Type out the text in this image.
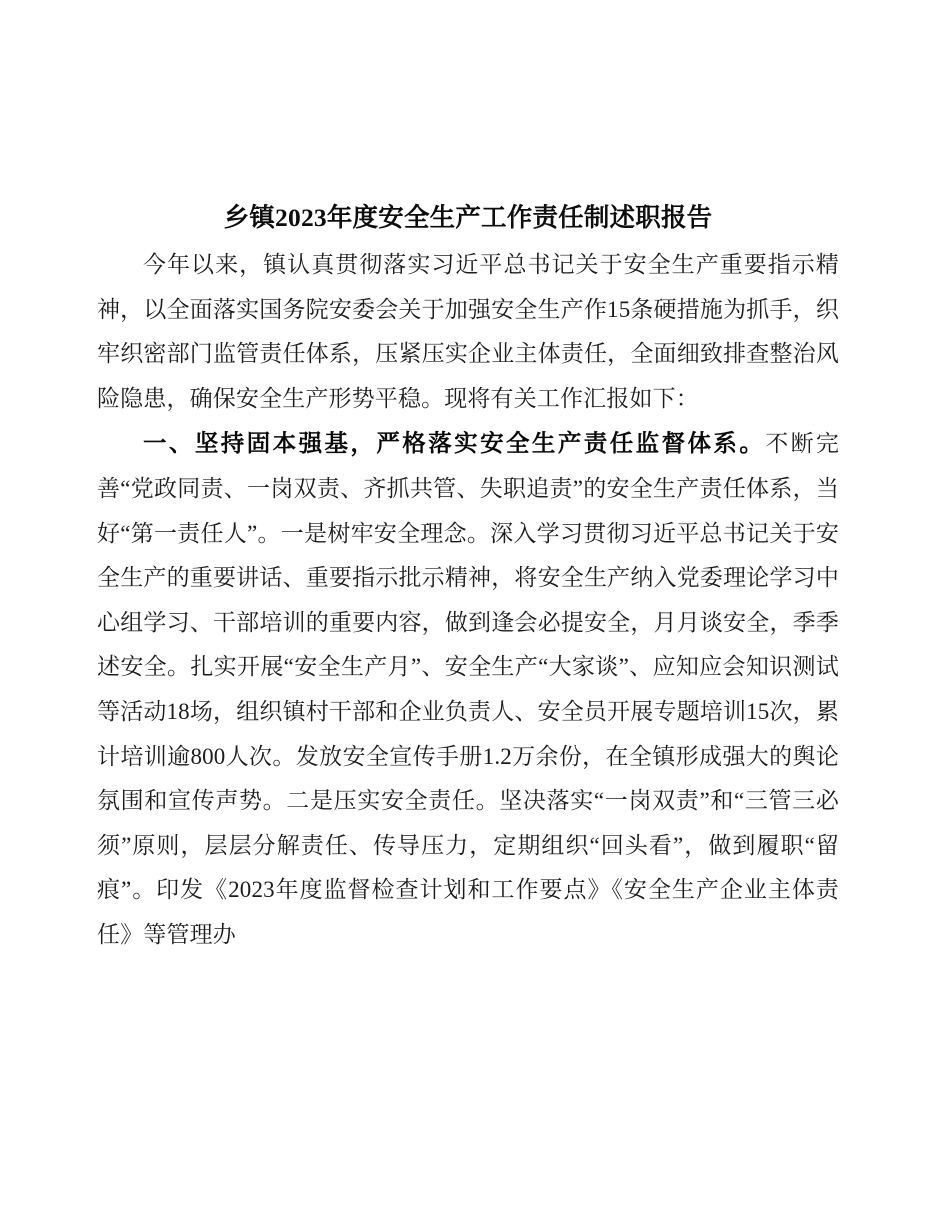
乡镇2023年度安全生产工作责任制述职报告

今年以来，镇认真贯彻落实习近平总书记关于安全生产重要指示精神，以全面落实国务院安委会关于加强安全生产作15条硬措施为抓手，织牢织密部门监管责任体系，压紧压实企业主体责任，全面细致排查整治风险隐患，确保安全生产形势平稳。现将有关工作汇报如下：

一、坚持固本强基，严格落实安全生产责任监督体系。不断完善“党政同责、一岗双责、齐抓共管、失职追责”的安全生产责任体系，当好“第一责任人”。一是树牢安全理念。深入学习贯彻习近平总书记关于安全生产的重要讲话、重要指示批示精神，将安全生产纳入党委理论学习中心组学习、干部培训的重要内容，做到逢会必提安全，月月谈安全，季季述安全。扎实开展“安全生产月”、安全生产“大家谈”、应知应会知识测试等活动18场，组织镇村干部和企业负责人、安全员开展专题培训15次，累计培训逾800人次。发放安全宣传手册1.2万余份，在全镇形成强大的舆论氛围和宣传声势。二是压实安全责任。坚决落实“一岗双责”和“三管三必须”原则，层层分解责任、传导压力，定期组织“回头看”，做到履职“留痕”。印发《2023年度监督检查计划和工作要点》《安全生产企业主体责任》等管理办
